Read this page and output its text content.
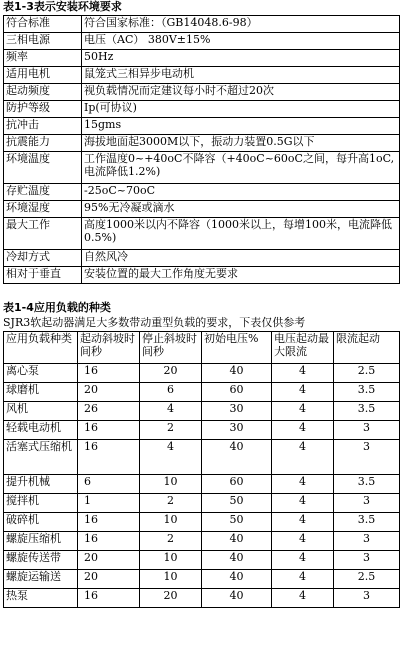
表1-3表示安装环境要求
符合标准	符合国家标准：（GB14048.6-98）
三相电源	电压（AC） 380V±15%
频率	50Hz
适用电机	鼠笼式三相异步电动机
起动频度	视负载情况而定建议每小时不超过20次
防护等级	Ip(可协议)
抗冲击	15gms
抗震能力	海拔地面起3000M以下，振动力装置0.5G以下
环境温度	工作温度0~+40oC不降容（+40oC~60oC之间，每升高1oC,电流降低1.2%)
存贮温度	-25oC~70oC
环境湿度	95%无冷凝或滴水
最大工作	高度1000米以内不降容（1000米以上，每增100米，电流降低0.5%)
冷却方式	自然风冷
相对于垂直	安装位置的最大工作角度无要求
表1-4应用负载的种类
SJR3软起动器满足大多数带动重型负载的要求，下表仅供参考
应用负载种类	起动斜坡时间秒	停止斜坡时间秒	初始电压%	电压起动最大限流	限流起动
离心泵	16	20	40	4	2.5
球磨机	20	6	60	4	3.5
风机	26	4	30	4	3.5
轻载电动机	16	2	30	4	3
活塞式压缩机	16	4	40	4	3
提升机械	6	10	60	4	3.5
搅拌机	1	2	50	4	3
破碎机	16	10	50	4	3.5
螺旋压缩机	16	2	40	4	3
螺旋传送带	20	10	40	4	3
螺旋运输送	20	10	40	4	2.5
热泵	16	20	40	4	3
